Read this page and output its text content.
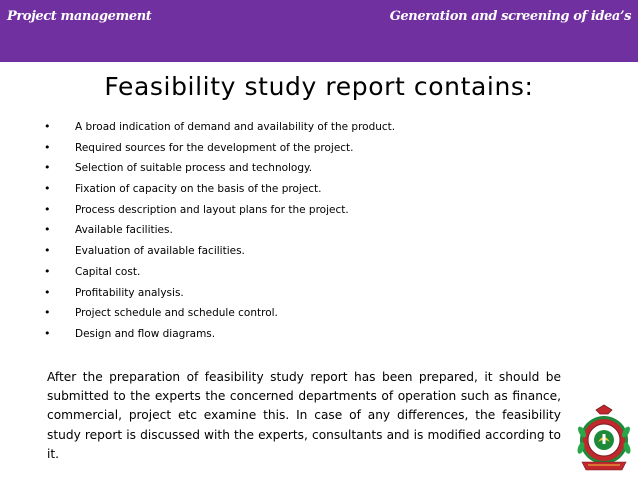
Project management	Generation and screening of idea’s
Feasibility study report contains:
• A broad indication of demand and availability of the product.
• Required sources for the development of the project.
• Selection of suitable process and technology.
• Fixation of capacity on the basis of the project.
• Process description and layout plans for the project.
• Available facilities.
• Evaluation of available facilities.
• Capital cost.
• Profitability analysis.
• Project schedule and schedule control.
• Design and flow diagrams.

After the preparation of feasibility study report has been prepared, it should be submitted to the experts the concerned departments of operation such as finance, commercial, project etc examine this. In case of any differences, the feasibility study report is discussed with the experts, consultants and is modified according to it.
